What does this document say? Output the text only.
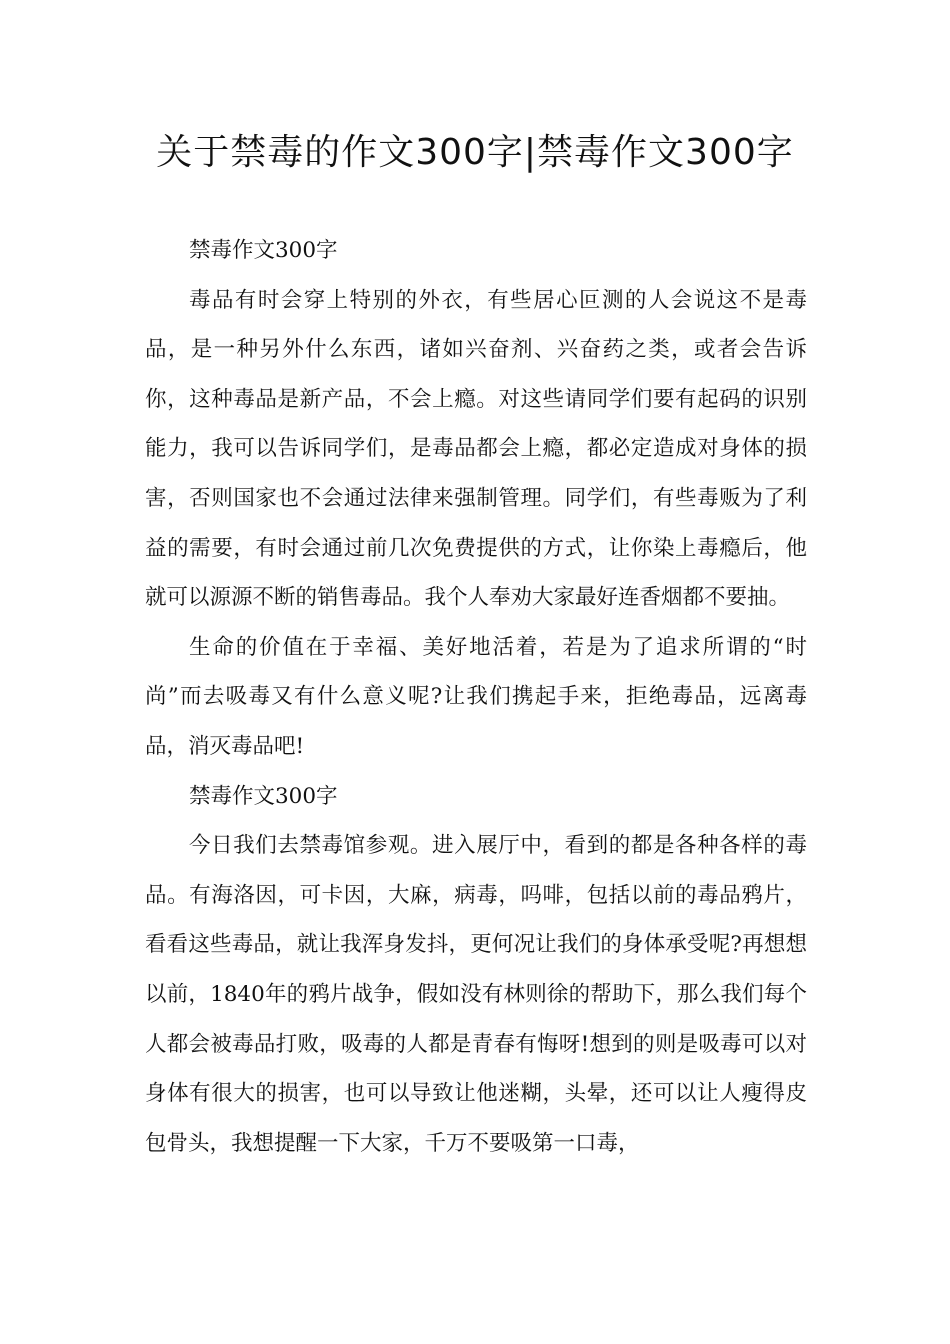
关于禁毒的作文300字|禁毒作文300字

禁毒作文300字

毒品有时会穿上特别的外衣，有些居心叵测的人会说这不是毒品，是一种另外什么东西，诸如兴奋剂、兴奋药之类，或者会告诉你，这种毒品是新产品，不会上瘾。对这些请同学们要有起码的识别能力，我可以告诉同学们，是毒品都会上瘾，都必定造成对身体的损害，否则国家也不会通过法律来强制管理。同学们，有些毒贩为了利益的需要，有时会通过前几次免费提供的方式，让你染上毒瘾后，他就可以源源不断的销售毒品。我个人奉劝大家最好连香烟都不要抽。

生命的价值在于幸福、美好地活着，若是为了追求所谓的“时尚”而去吸毒又有什么意义呢?让我们携起手来，拒绝毒品，远离毒品，消灭毒品吧!

禁毒作文300字

今日我们去禁毒馆参观。进入展厅中，看到的都是各种各样的毒品。有海洛因，可卡因，大麻，病毒，吗啡，包括以前的毒品鸦片，看看这些毒品，就让我浑身发抖，更何况让我们的身体承受呢?再想想以前，1840年的鸦片战争，假如没有林则徐的帮助下，那么我们每个人都会被毒品打败，吸毒的人都是青春有悔呀!想到的则是吸毒可以对身体有很大的损害，也可以导致让他迷糊，头晕，还可以让人瘦得皮包骨头，我想提醒一下大家，千万不要吸第一口毒，
